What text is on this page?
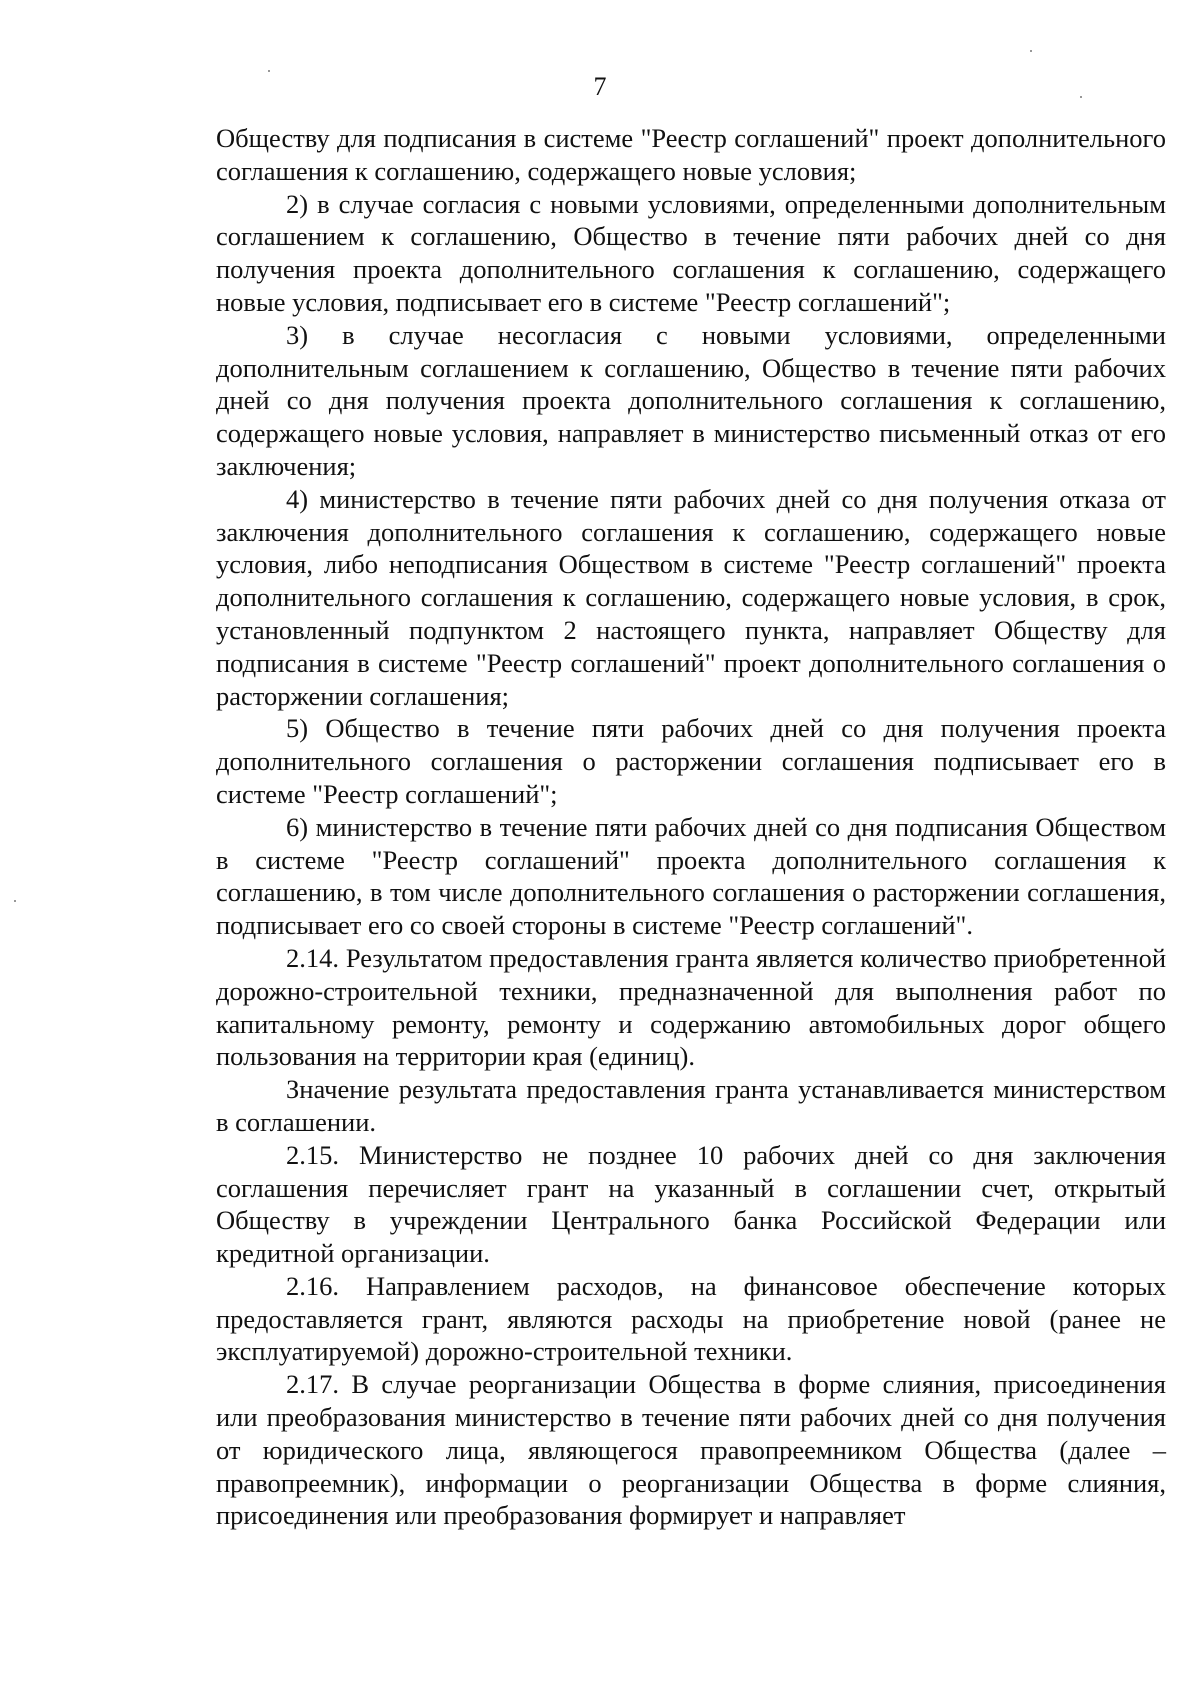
7

Обществу для подписания в системе "Реестр соглашений" проект дополнительного соглашения к соглашению, содержащего новые условия;

2) в случае согласия с новыми условиями, определенными дополнительным соглашением к соглашению, Общество в течение пяти рабочих дней со дня получения проекта дополнительного соглашения к соглашению, содержащего новые условия, подписывает его в системе "Реестр соглашений";

3) в случае несогласия с новыми условиями, определенными дополнительным соглашением к соглашению, Общество в течение пяти рабочих дней со дня получения проекта дополнительного соглашения к соглашению, содержащего новые условия, направляет в министерство письменный отказ от его заключения;

4) министерство в течение пяти рабочих дней со дня получения отказа от заключения дополнительного соглашения к соглашению, содержащего новые условия, либо неподписания Обществом в системе "Реестр соглашений" проекта дополнительного соглашения к соглашению, содержащего новые условия, в срок, установленный подпунктом 2 настоящего пункта, направляет Обществу для подписания в системе "Реестр соглашений" проект дополнительного соглашения о расторжении соглашения;

5) Общество в течение пяти рабочих дней со дня получения проекта дополнительного соглашения о расторжении соглашения подписывает его в системе "Реестр соглашений";

6) министерство в течение пяти рабочих дней со дня подписания Обществом в системе "Реестр соглашений" проекта дополнительного соглашения к соглашению, в том числе дополнительного соглашения о расторжении соглашения, подписывает его со своей стороны в системе "Реестр соглашений".

2.14. Результатом предоставления гранта является количество приобретенной дорожно-строительной техники, предназначенной для выполнения работ по капитальному ремонту, ремонту и содержанию автомобильных дорог общего пользования на территории края (единиц).

Значение результата предоставления гранта устанавливается министерством в соглашении.

2.15. Министерство не позднее 10 рабочих дней со дня заключения соглашения перечисляет грант на указанный в соглашении счет, открытый Обществу в учреждении Центрального банка Российской Федерации или кредитной организации.

2.16. Направлением расходов, на финансовое обеспечение которых предоставляется грант, являются расходы на приобретение новой (ранее не эксплуатируемой) дорожно-строительной техники.

2.17. В случае реорганизации Общества в форме слияния, присоединения или преобразования министерство в течение пяти рабочих дней со дня получения от юридического лица, являющегося правопреемником Общества (далее – правопреемник), информации о реорганизации Общества в форме слияния, присоединения или преобразования формирует и направляет
